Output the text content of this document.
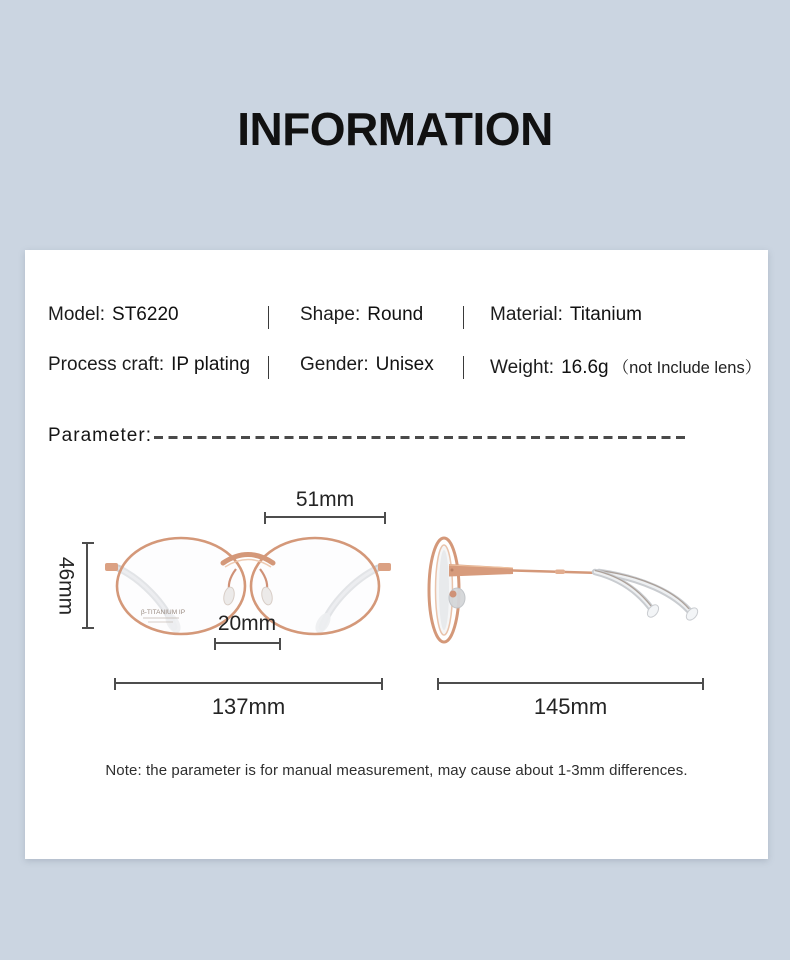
INFORMATION
Model: ST6220	Shape: Round	Material: Titanium
Process craft: IP plating	Gender: Unisex	Weight: 16.6g （not Include lens）
Parameter:
51mm
46mm	β-TITANIUM IP	20mm
137mm	145mm
Note: the parameter is for manual measurement, may cause about 1-3mm differences.
